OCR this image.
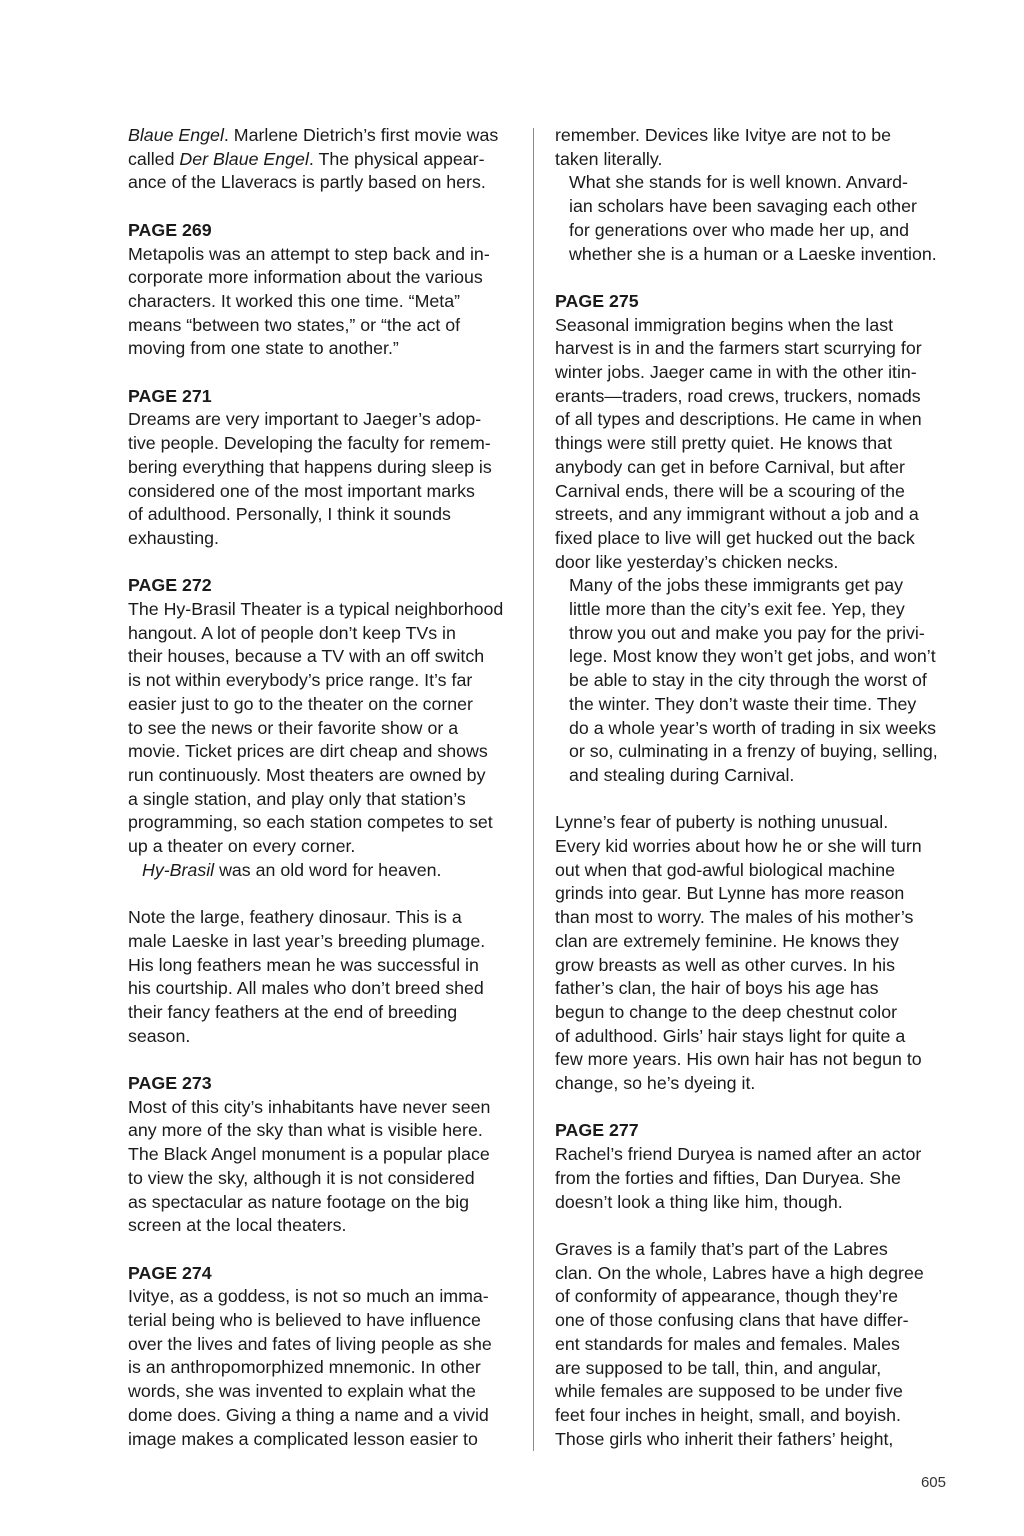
Blaue Engel. Marlene Dietrich’s first movie was
called Der Blaue Engel. The physical appear-
ance of the Llaveracs is partly based on hers.

PAGE 269

Metapolis was an attempt to step back and in-
corporate more information about the various
characters. It worked this one time. “Meta”
means “between two states,” or “the act of
moving from one state to another.”

PAGE 271

Dreams are very important to Jaeger’s adop-
tive people. Developing the faculty for remem-
bering everything that happens during sleep is
considered one of the most important marks
of adulthood. Personally, I think it sounds
exhausting.

PAGE 272

The Hy-Brasil Theater is a typical neighborhood
hangout. A lot of people don’t keep TVs in
their houses, because a TV with an off switch
is not within everybody’s price range. It’s far
easier just to go to the theater on the corner
to see the news or their favorite show or a
movie. Ticket prices are dirt cheap and shows
run continuously. Most theaters are owned by
a single station, and play only that station’s
programming, so each station competes to set
up a theater on every corner.

Hy-Brasil was an old word for heaven.

Note the large, feathery dinosaur. This is a
male Laeske in last year’s breeding plumage.
His long feathers mean he was successful in
his courtship. All males who don’t breed shed
their fancy feathers at the end of breeding
season.

PAGE 273

Most of this city’s inhabitants have never seen
any more of the sky than what is visible here.
The Black Angel monument is a popular place
to view the sky, although it is not considered
as spectacular as nature footage on the big
screen at the local theaters.

PAGE 274

Ivitye, as a goddess, is not so much an imma-
terial being who is believed to have influence
over the lives and fates of living people as she
is an anthropomorphized mnemonic. In other
words, she was invented to explain what the
dome does. Giving a thing a name and a vivid
image makes a complicated lesson easier to

remember. Devices like Ivitye are not to be
taken literally.

What she stands for is well known. Anvard-
ian scholars have been savaging each other
for generations over who made her up, and
whether she is a human or a Laeske invention.

PAGE 275

Seasonal immigration begins when the last
harvest is in and the farmers start scurrying for
winter jobs. Jaeger came in with the other itin-
erants—traders, road crews, truckers, nomads
of all types and descriptions. He came in when
things were still pretty quiet. He knows that
anybody can get in before Carnival, but after
Carnival ends, there will be a scouring of the
streets, and any immigrant without a job and a
fixed place to live will get hucked out the back
door like yesterday’s chicken necks.

Many of the jobs these immigrants get pay
little more than the city’s exit fee. Yep, they
throw you out and make you pay for the privi-
lege. Most know they won’t get jobs, and won’t
be able to stay in the city through the worst of
the winter. They don’t waste their time. They
do a whole year’s worth of trading in six weeks
or so, culminating in a frenzy of buying, selling,
and stealing during Carnival.

Lynne’s fear of puberty is nothing unusual.
Every kid worries about how he or she will turn
out when that god-awful biological machine
grinds into gear. But Lynne has more reason
than most to worry. The males of his mother’s
clan are extremely feminine. He knows they
grow breasts as well as other curves. In his
father’s clan, the hair of boys his age has
begun to change to the deep chestnut color
of adulthood. Girls’ hair stays light for quite a
few more years. His own hair has not begun to
change, so he’s dyeing it.

PAGE 277

Rachel’s friend Duryea is named after an actor
from the forties and fifties, Dan Duryea. She
doesn’t look a thing like him, though.

Graves is a family that’s part of the Labres
clan. On the whole, Labres have a high degree
of conformity of appearance, though they’re
one of those confusing clans that have differ-
ent standards for males and females. Males
are supposed to be tall, thin, and angular,
while females are supposed to be under five
feet four inches in height, small, and boyish.
Those girls who inherit their fathers’ height,

605
